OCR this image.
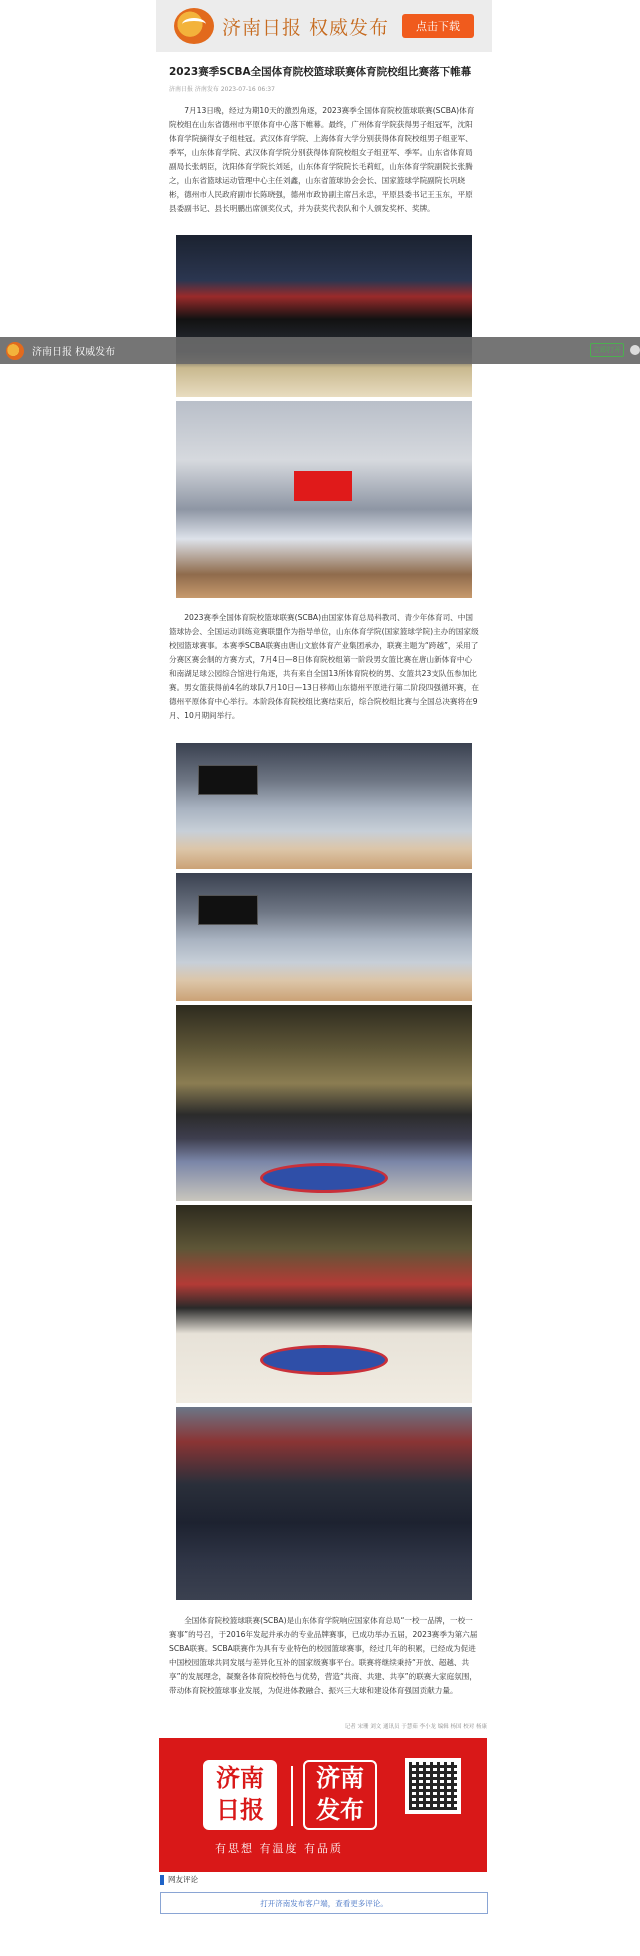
济南日报 权威发布	点击下载
济南日报 权威发布	立即打开
2023赛季SCBA全国体育院校篮球联赛体育院校组比赛落下帷幕
济南日报 济南发布 2023-07-16 06:37
7月13日晚，经过为期10天的激烈角逐，2023赛季全国体育院校篮球联赛(SCBA)体育院校组在山东省德州市平原体育中心落下帷幕。最终，广州体育学院获得男子组冠军，沈阳体育学院摘得女子组桂冠。武汉体育学院、上海体育大学分别获得体育院校组男子组亚军、季军，山东体育学院、武汉体育学院分别获得体育院校组女子组亚军、季军。山东省体育局副局长张炳臣，沈阳体育学院长刘延，山东体育学院院长毛莉虹，山东体育学院副院长张腾之，山东省篮球运动管理中心主任刘鑫，山东省篮球协会会长、国家篮球学院副院长巩晓彬，德州市人民政府副市长陈晓强，德州市政协副主席吕永忠，平原县委书记王玉东，平原县委副书记、县长明鹏出席颁奖仪式，并为获奖代表队和个人颁发奖杯、奖牌。
2023赛季全国体育院校篮球联赛(SCBA)由国家体育总局科教司、青少年体育司、中国篮球协会、全国运动训练竞赛联盟作为指导单位，山东体育学院(国家篮球学院)主办的国家级校园篮球赛事。本赛季SCBA联赛由唐山文旅体育产业集团承办，联赛主题为“跨越”，采用了分赛区赛会制的方赛方式，7月4日—8日体育院校组第一阶段男女篮比赛在唐山新体育中心和南湖足球公园综合馆进行角逐，共有来自全国13所体育院校的男、女篮共23支队伍参加比赛。男女篮获得前4名的球队7月10日—13日移师山东德州平原进行第二阶段四强循环赛，在德州平原体育中心举行。本阶段体育院校组比赛结束后，综合院校组比赛与全国总决赛将在9月、10月期间举行。
全国体育院校篮球联赛(SCBA)是山东体育学院响应国家体育总局“一校一品牌，一校一赛事”的号召，于2016年发起并承办的专业品牌赛事，已成功举办五届，2023赛季为第六届SCBA联赛。SCBA联赛作为具有专业特色的校园篮球赛事，经过几年的积累，已经成为促进中国校园篮球共同发展与差异化互补的国家级赛事平台。联赛将继续秉持“开放、超越、共享”的发展理念，凝聚各体育院校特色与优势，营造“共商、共建、共享”的联赛大家庭氛围，带动体育院校篮球事业发展，为促进体教融合、振兴三大球和建设体育强国贡献力量。
记者 宋珊 刘文 通讯员 于慧茹 李小龙 编辑 杨国 校对 杨康
济南日报
济南发布
有思想 有温度 有品质
网友评论
打开济南发布客户端，查看更多评论。
